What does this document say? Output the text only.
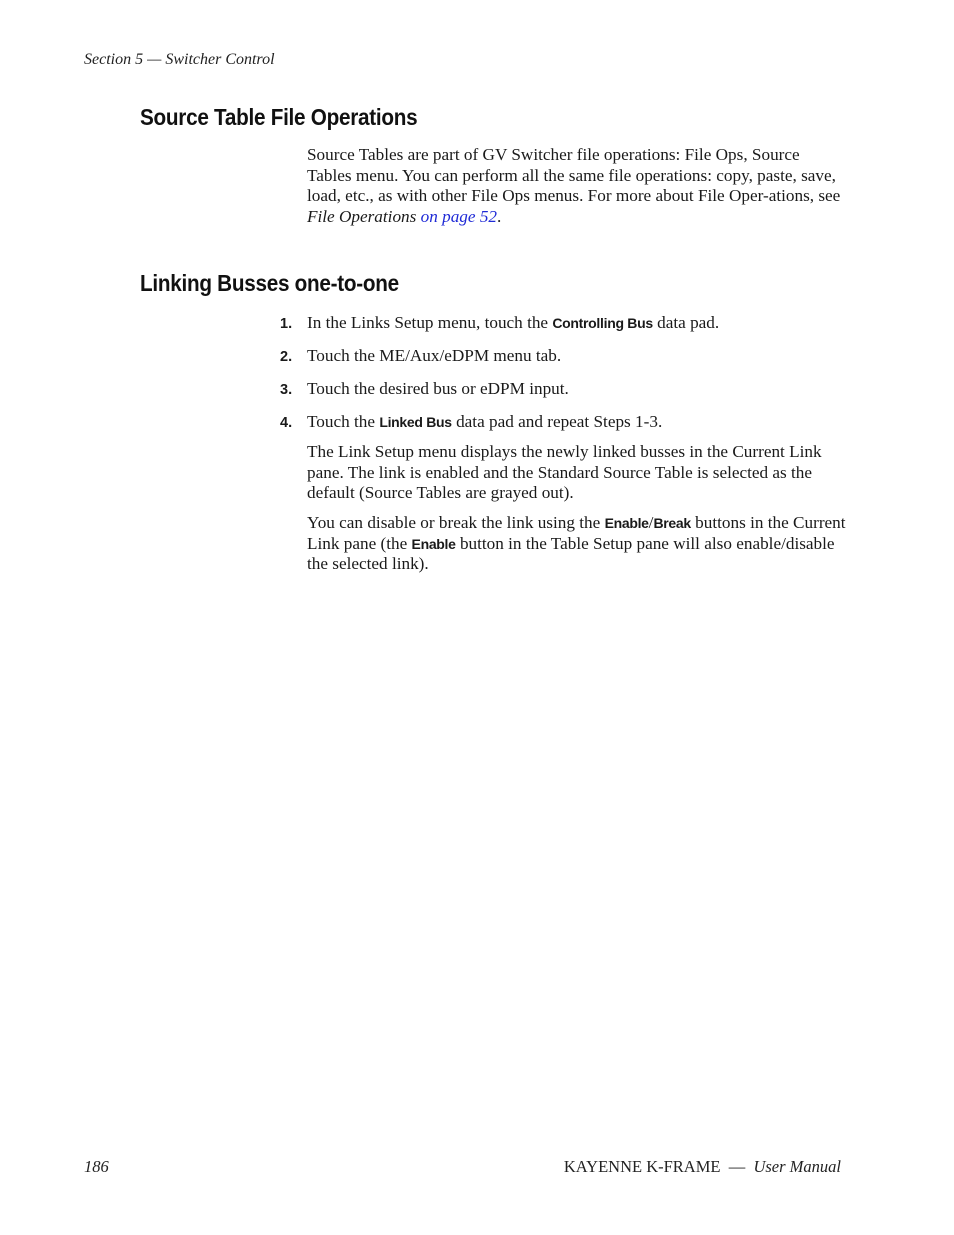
Section 5 — Switcher Control
Source Table File Operations

Source Tables are part of GV Switcher file operations: File Ops, Source Tables menu. You can perform all the same file operations: copy, paste, save, load, etc., as with other File Ops menus. For more about File Oper-ations, see File Operations on page 52.

Linking Busses one-to-one
1. In the Links Setup menu, touch the Controlling Bus data pad.
2. Touch the ME/Aux/eDPM menu tab.
3. Touch the desired bus or eDPM input.
4. Touch the Linked Bus data pad and repeat Steps 1-3.

The Link Setup menu displays the newly linked busses in the Current Link pane. The link is enabled and the Standard Source Table is selected as the default (Source Tables are grayed out).

You can disable or break the link using the Enable/Break buttons in the Current Link pane (the Enable button in the Table Setup pane will also enable/disable the selected link).

186	KAYENNE K-FRAME — User Manual
